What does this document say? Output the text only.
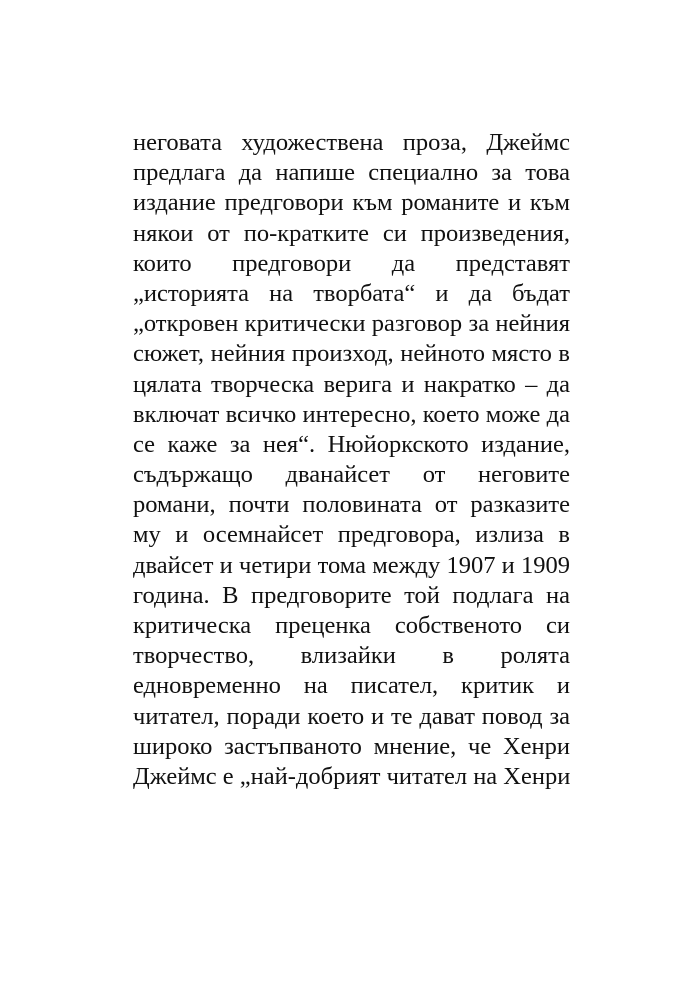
неговата художествена проза, Джеймс
предлага да напише специално за това
издание предговори към романите и към
някои от по-кратките си произведения,
които предговори да представят
„историята на творбата“ и да бъдат
„откровен критически разговор за нейния
сюжет, нейния произход, нейното място в
цялата творческа верига и накратко – да
включат всичко интересно, което може да
се каже за нея“. Нюйоркското издание,
съдържащо дванайсет от неговите
романи, почти половината от разказите
му и осемнайсет предговора, излиза в
двайсет и четири тома между 1907 и 1909
година. В предговорите той подлага на
критическа преценка собственото си
творчество, влизайки в ролята
едновременно на писател, критик и
читател, поради което и те дават повод за
широко застъпваното мнение, че Хенри
Джеймс е „най-добрият читател на Хенри
